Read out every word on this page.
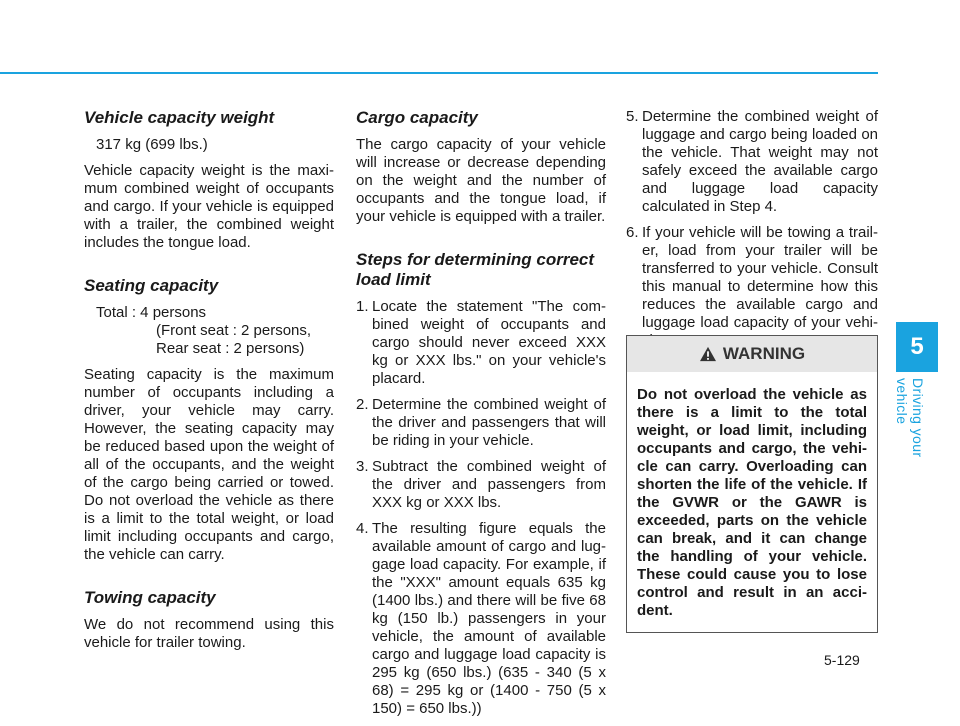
5
Driving your vehicle
Vehicle capacity weight
317 kg (699 lbs.)

Vehicle capacity weight is the maxi-mum combined weight of occupants and cargo. If your vehicle is equipped with a trailer, the combined weight includes the tongue load.

Seating capacity
Total : 4 persons
(Front seat : 2 persons,
Rear seat : 2 persons)

Seating capacity is the maximum number of occupants including a driver, your vehicle may carry. However, the seating capacity may be reduced based upon the weight of all of the occupants, and the weight of the cargo being carried or towed. Do not overload the vehicle as there is a limit to the total weight, or load limit including occupants and cargo, the vehicle can carry.

Towing capacity

We do not recommend using this vehicle for trailer towing.

Cargo capacity

The cargo capacity of your vehicle will increase or decrease depending on the weight and the number of occupants and the tongue load, if your vehicle is equipped with a trailer.

Steps for determining correct load limit
1. Locate the statement "The com-bined weight of occupants and cargo should never exceed XXX kg or XXX lbs." on your vehicle's placard.
2. Determine the combined weight of the driver and passengers that will be riding in your vehicle.
3. Subtract the combined weight of the driver and passengers from XXX kg or XXX lbs.
4. The resulting figure equals the available amount of cargo and lug-gage load capacity. For example, if the "XXX" amount equals 635 kg (1400 lbs.) and there will be five 68 kg (150 lb.) passengers in your vehicle, the amount of available cargo and luggage load capacity is 295 kg (650 lbs.) (635 - 340 (5 x 68) = 295 kg or (1400 - 750 (5 x 150) = 650 lbs.))
5. Determine the combined weight of luggage and cargo being loaded on the vehicle. That weight may not safely exceed the available cargo and luggage load capacity calculated in Step 4.
6. If your vehicle will be towing a trail-er, load from your trailer will be transferred to your vehicle. Consult this manual to determine how this reduces the available cargo and luggage load capacity of your vehi-
WARNING
Do not overload the vehicle as there is a limit to the total weight, or load limit, including occupants and cargo, the vehi-cle can carry. Overloading can shorten the life of the vehicle. If the GVWR or the GAWR is exceeded, parts on the vehicle can break, and it can change the handling of your vehicle. These could cause you to lose control and result in an acci-dent.
5-129
